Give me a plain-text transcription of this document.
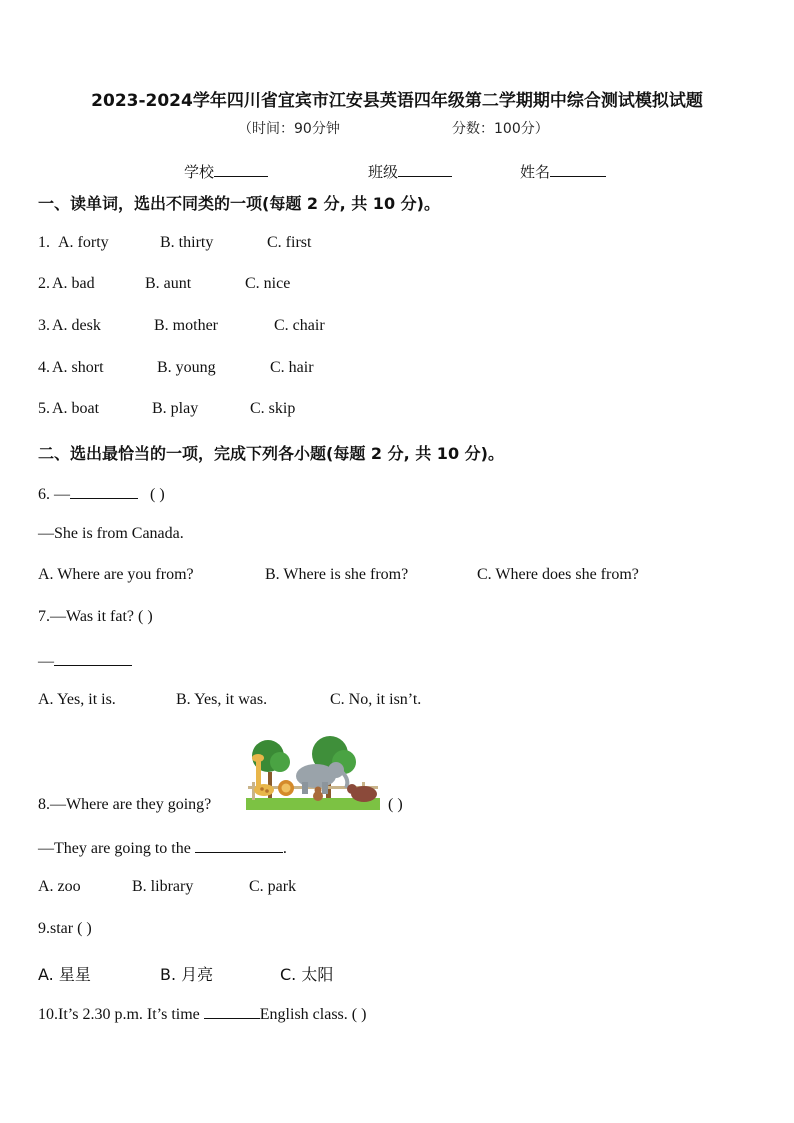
2023-2024学年四川省宜宾市江安县英语四年级第二学期期中综合测试模拟试题
（时间：90分钟	分数：100分）
学校	班级	姓名
一、读单词，选出不同类的一项(每题 2 分, 共 10 分)。
1. A. forty	B. thirty	C. first
2. A. bad	B. aunt	C. nice
3. A. desk	B. mother	C. chair
4. A. short	B. young	C. hair
5. A. boat	B. play	C. skip
二、选出最恰当的一项，完成下列各小题(每题 2 分, 共 10 分)。
6. —	( )
—She is from Canada.
A. Where are you from?	B. Where is she from?	C. Where does she from?
7.—Was it fat? ( )
—
A. Yes, it is.	B. Yes, it was.	C. No, it isn’t.
8.—Where are they going?	( )
—They are going to the	.
A. zoo	B. library	C. park
9.star ( )
A. 星星	B. 月亮	C. 太阳
10.It’s 2.30 p.m. It’s time	English class. ( )
